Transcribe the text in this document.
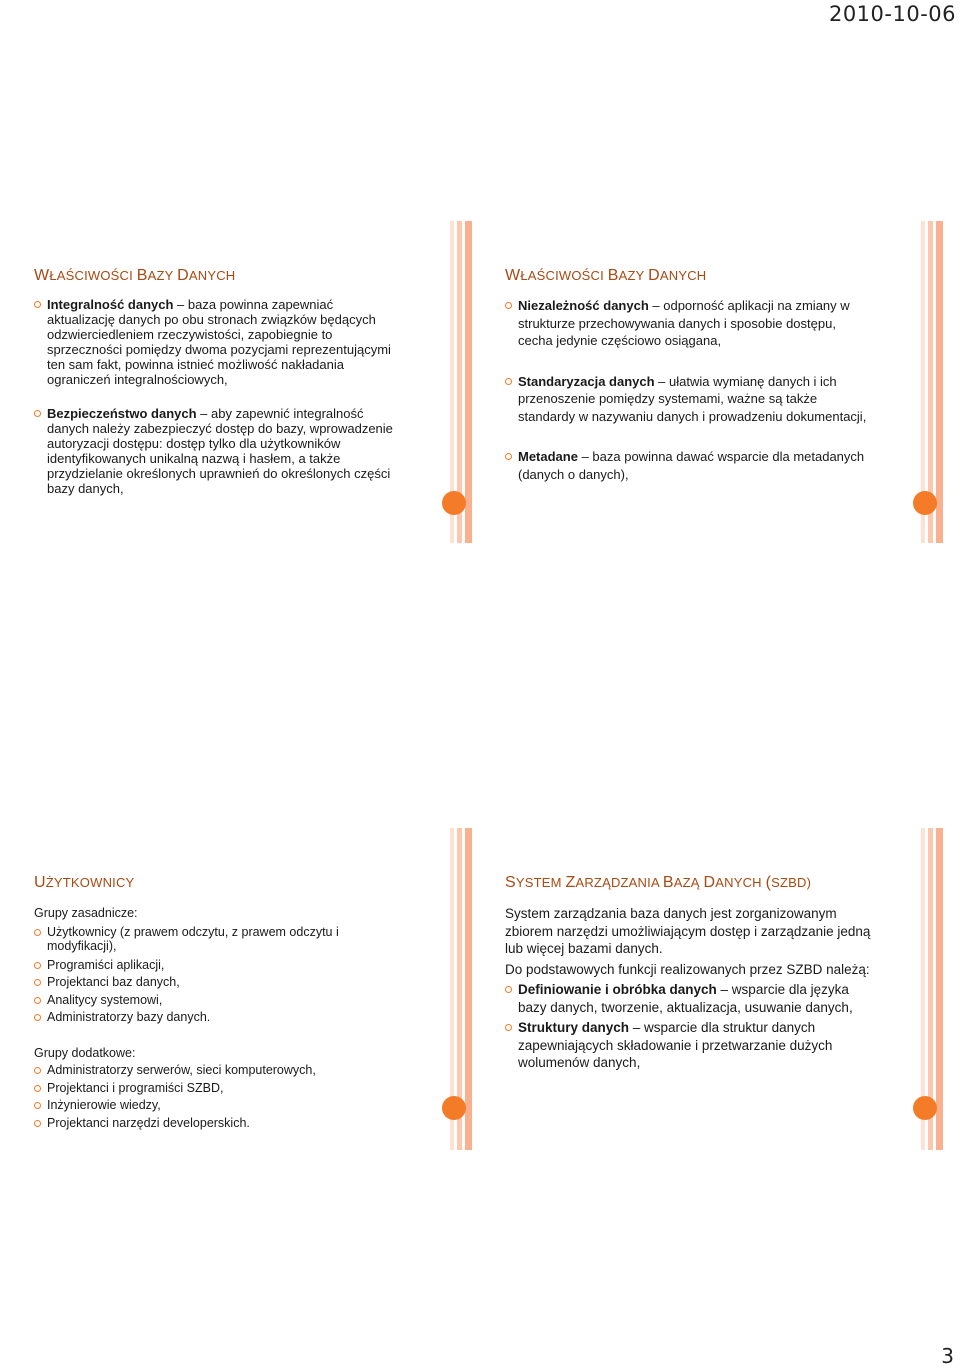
2010-10-06
WŁAŚCIWOŚCI BAZY DANYCH

Integralność danych – baza powinna zapewniać aktualizację danych po obu stronach związków będących odzwierciedleniem rzeczywistości, zapobiegnie to sprzeczności pomiędzy dwoma pozycjami reprezentującymi ten sam fakt, powinna istnieć możliwość nakładania ograniczeń integralnościowych,

Bezpieczeństwo danych – aby zapewnić integralność danych należy zabezpieczyć dostęp do bazy, wprowadzenie autoryzacji dostępu: dostęp tylko dla użytkowników identyfikowanych unikalną nazwą i hasłem, a także przydzielanie określonych uprawnień do określonych części bazy danych,

WŁAŚCIWOŚCI BAZY DANYCH

Niezależność danych – odporność aplikacji na zmiany w strukturze przechowywania danych i sposobie dostępu, cecha jedynie częściowo osiągana,

Standaryzacja danych – ułatwia wymianę danych i ich przenoszenie pomiędzy systemami, ważne są także standardy w nazywaniu danych i prowadzeniu dokumentacji,

Metadane – baza powinna dawać wsparcie dla metadanych (danych o danych),

UŻYTKOWNICY

Grupy zasadnicze:

Użytkownicy (z prawem odczytu, z prawem odczytu i modyfikacji),

Programiści aplikacji,

Projektanci baz danych,

Analitycy systemowi,

Administratorzy bazy danych.

Grupy dodatkowe:

Administratorzy serwerów, sieci komputerowych,

Projektanci i programiści SZBD,

Inżynierowie wiedzy,

Projektanci narzędzi developerskich.

SYSTEM ZARZĄDZANIA BAZĄ DANYCH (SZBD)

System zarządzania baza danych jest zorganizowanym zbiorem narzędzi umożliwiającym dostęp i zarządzanie jedną lub więcej bazami danych.

Do podstawowych funkcji realizowanych przez SZBD należą:

Definiowanie i obróbka danych – wsparcie dla języka bazy danych, tworzenie, aktualizacja, usuwanie danych,

Struktury danych – wsparcie dla struktur danych zapewniających składowanie i przetwarzanie dużych wolumenów danych,

3
